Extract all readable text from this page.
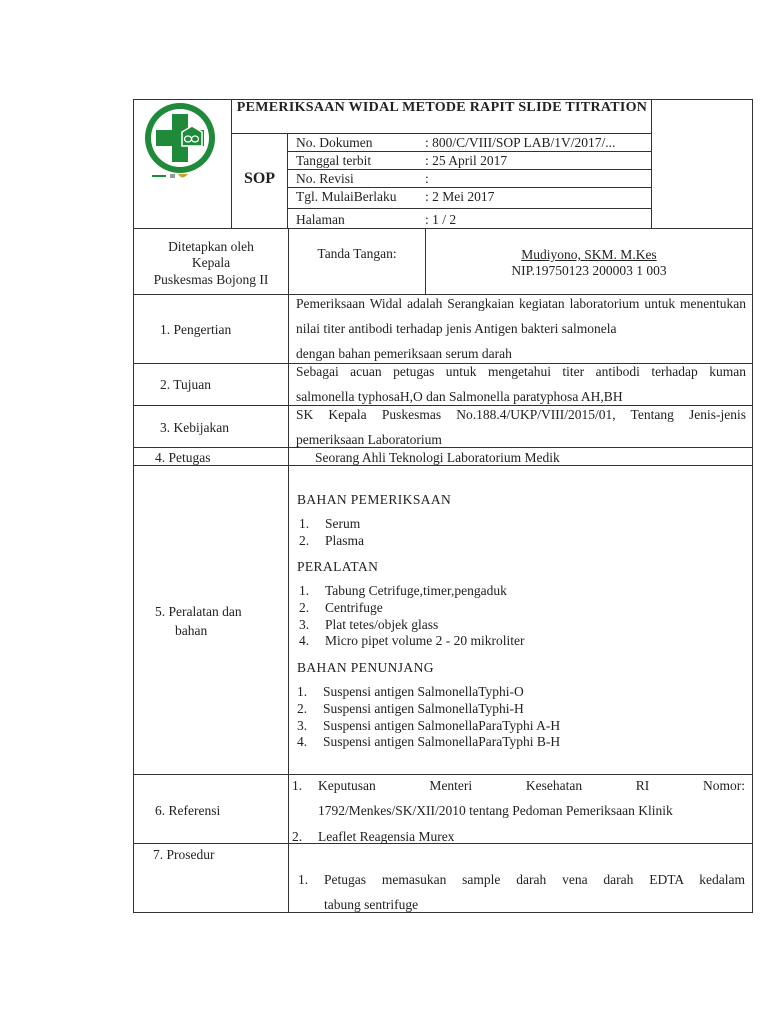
PEMERIKSAAN WIDAL METODE RAPIT SLIDE TITRATION
SOP
No. Dokumen	: 800/C/VIII/SOP LAB/1V/2017/...
Tanggal terbit	: 25 April 2017
No. Revisi	:
Tgl. MulaiBerlaku : 2 Mei 2017
Halaman	: 1 / 2
Ditetapkan oleh
Kepala
Puskesmas Bojong II
Tanda Tangan:	Mudiyono, SKM. M.Kes
NIP.19750123 200003 1 003
1. Pengertian
Pemeriksaan Widal adalah Serangkaian kegiatan laboratorium untuk menentukan nilai titer antibodi terhadap jenis Antigen bakteri salmonela
dengan bahan pemeriksaan serum darah
2. Tujuan
Sebagai acuan petugas untuk mengetahui titer antibodi terhadap kuman
salmonella typhosaH,O dan Salmonella paratyphosa AH,BH
3. Kebijakan
SK Kepala Puskesmas No.188.4/UKP/VIII/2015/01, Tentang Jenis-jenis
pemeriksaan Laboratorium
4. Petugas	Seorang Ahli Teknologi Laboratorium Medik
5. Peralatan dan
bahan
BAHAN PEMERIKSAAN
1. Serum
2. Plasma
PERALATAN
1. Tabung Cetrifuge,timer,pengaduk
2. Centrifuge
3. Plat tetes/objek glass
4. Micro pipet volume 2 - 20 mikroliter
BAHAN PENUNJANG
1. Suspensi antigen SalmonellaTyphi-O
2. Suspensi antigen SalmonellaTyphi-H
3. Suspensi antigen SalmonellaParaTyphi A-H
4. Suspensi antigen SalmonellaParaTyphi B-H
6. Referensi
1. Keputusan Menteri Kesehatan RI Nomor:
1792/Menkes/SK/XII/2010 tentang Pedoman Pemeriksaan Klinik
2. Leaflet Reagensia Murex
7. Prosedur
1. Petugas memasukan sample darah vena darah EDTA kedalam
tabung sentrifuge
